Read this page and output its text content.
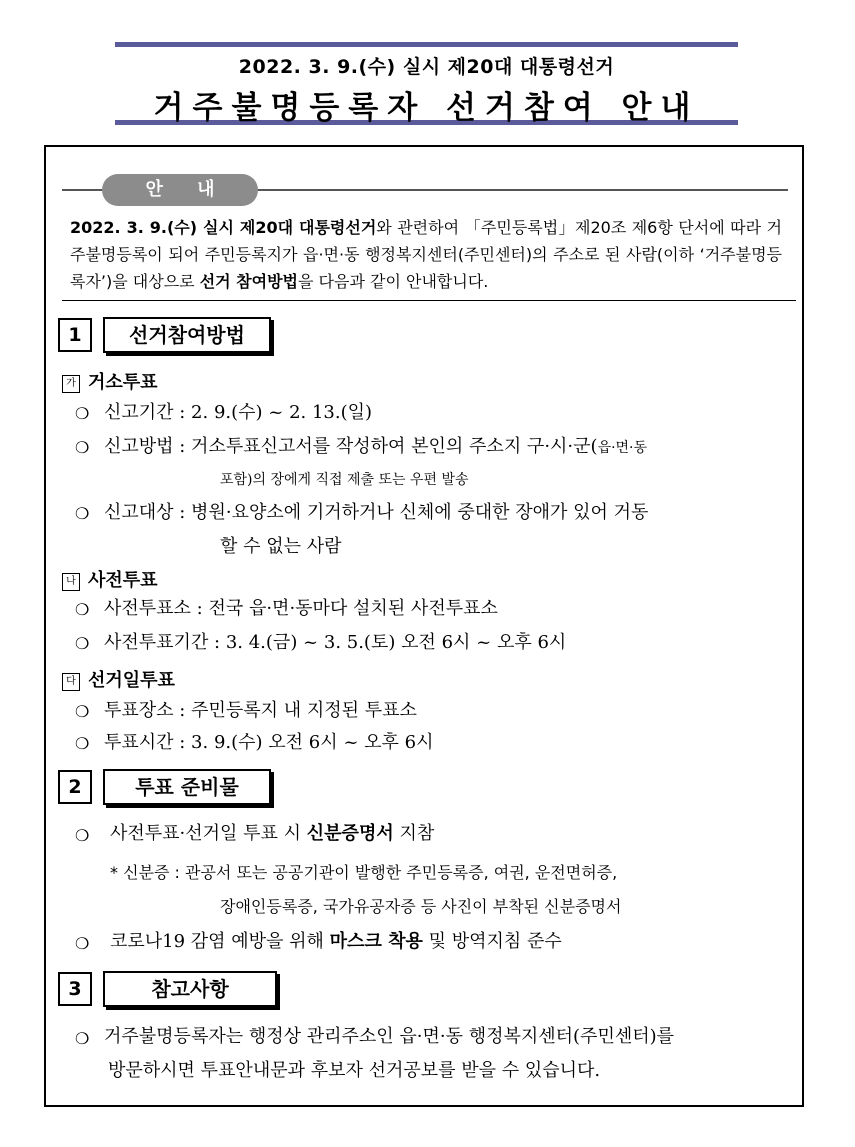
2022. 3. 9.(수) 실시 제20대 대통령선거
거주불명등록자 선거참여 안내
안 내
2022. 3. 9.(수) 실시 제20대 대통령선거와 관련하여 「주민등록법」제20조 제6항 단서에 따라 거주불명등록이 되어 주민등록지가 읍·면·동 행정복지센터(주민센터)의 주소로 된 사람(이하 ‘거주불명등록자’)을 대상으로 선거 참여방법을 다음과 같이 안내합니다.
1	선거참여방법
가 거소투표
❍ 신고기간 : 2. 9.(수) ~ 2. 13.(일)
❍ 신고방법 : 거소투표신고서를 작성하여 본인의 주소지 구·시·군(읍·면·동
포함)의 장에게 직접 제출 또는 우편 발송
❍ 신고대상 : 병원·요양소에 기거하거나 신체에 중대한 장애가 있어 거동
할 수 없는 사람
나 사전투표
❍ 사전투표소 : 전국 읍·면·동마다 설치된 사전투표소
❍ 사전투표기간 : 3. 4.(금) ~ 3. 5.(토) 오전 6시 ~ 오후 6시
다 선거일투표
❍ 투표장소 : 주민등록지 내 지정된 투표소
❍ 투표시간 : 3. 9.(수) 오전 6시 ~ 오후 6시
2	투표 준비물
❍ 사전투표·선거일 투표 시 신분증명서 지참
* 신분증 : 관공서 또는 공공기관이 발행한 주민등록증, 여권, 운전면허증,
장애인등록증, 국가유공자증 등 사진이 부착된 신분증명서
❍ 코로나19 감염 예방을 위해 마스크 착용 및 방역지침 준수
3	참고사항
❍ 거주불명등록자는 행정상 관리주소인 읍·면·동 행정복지센터(주민센터)를
방문하시면 투표안내문과 후보자 선거공보를 받을 수 있습니다.
